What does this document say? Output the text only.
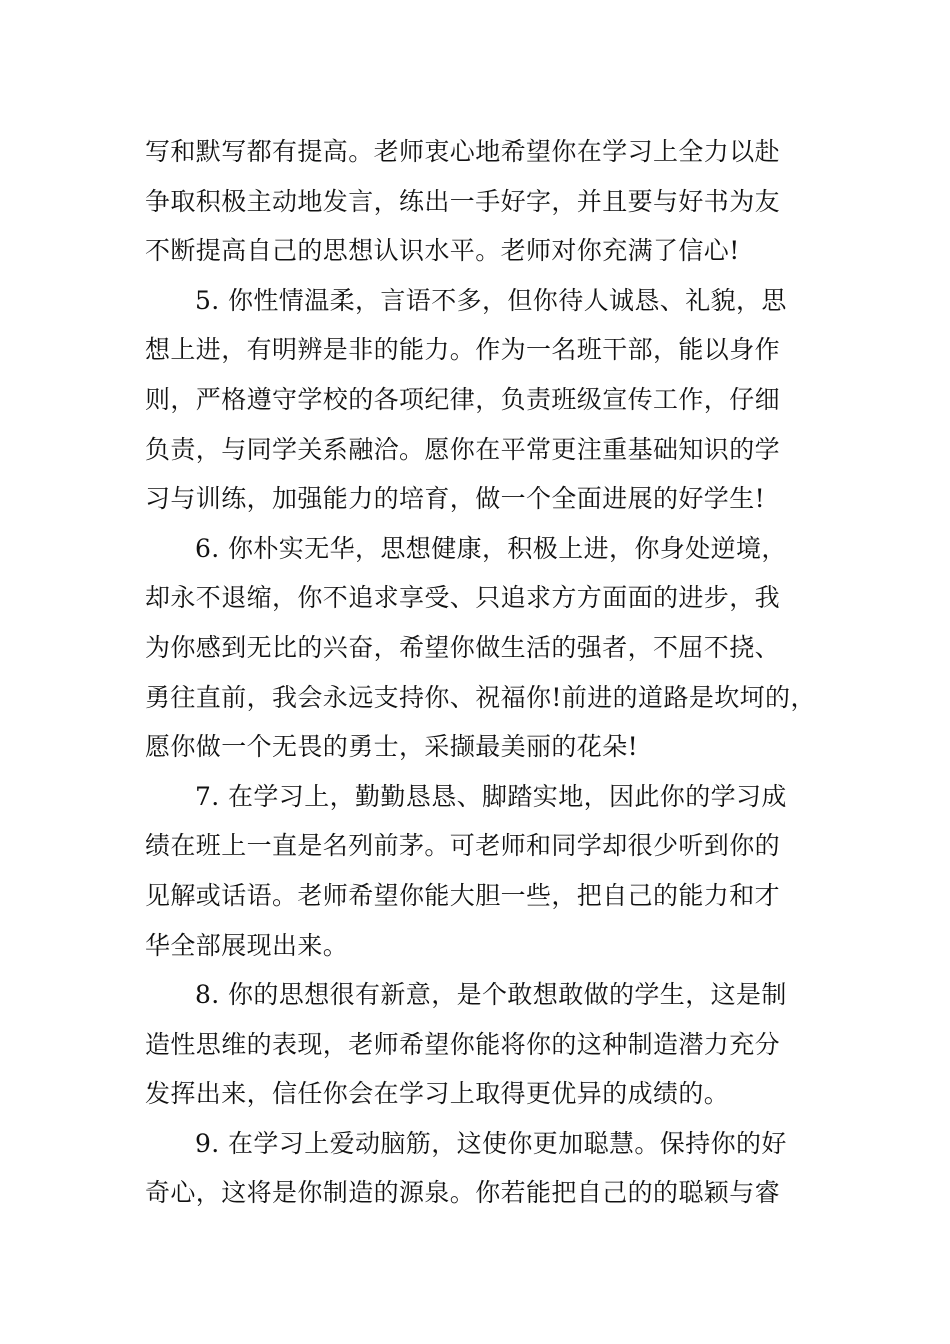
写和默写都有提高。老师衷心地希望你在学习上全力以赴
争取积极主动地发言，练出一手好字，并且要与好书为友
不断提高自己的思想认识水平。老师对你充满了信心!
5. 你性情温柔，言语不多，但你待人诚恳、礼貌，思
想上进，有明辨是非的能力。作为一名班干部，能以身作
则，严格遵守学校的各项纪律，负责班级宣传工作，仔细
负责，与同学关系融洽。愿你在平常更注重基础知识的学
习与训练，加强能力的培育，做一个全面进展的好学生!
6. 你朴实无华，思想健康，积极上进，你身处逆境，
却永不退缩，你不追求享受、只追求方方面面的进步，我
为你感到无比的兴奋，希望你做生活的强者，不屈不挠、
勇往直前，我会永远支持你、祝福你!前进的道路是坎坷的，
愿你做一个无畏的勇士，采撷最美丽的花朵!
7. 在学习上，勤勤恳恳、脚踏实地，因此你的学习成
绩在班上一直是名列前茅。可老师和同学却很少听到你的
见解或话语。老师希望你能大胆一些，把自己的能力和才
华全部展现出来。
8. 你的思想很有新意，是个敢想敢做的学生，这是制
造性思维的表现，老师希望你能将你的这种制造潜力充分
发挥出来，信任你会在学习上取得更优异的成绩的。
9. 在学习上爱动脑筋，这使你更加聪慧。保持你的好
奇心，这将是你制造的源泉。你若能把自己的的聪颖与睿
